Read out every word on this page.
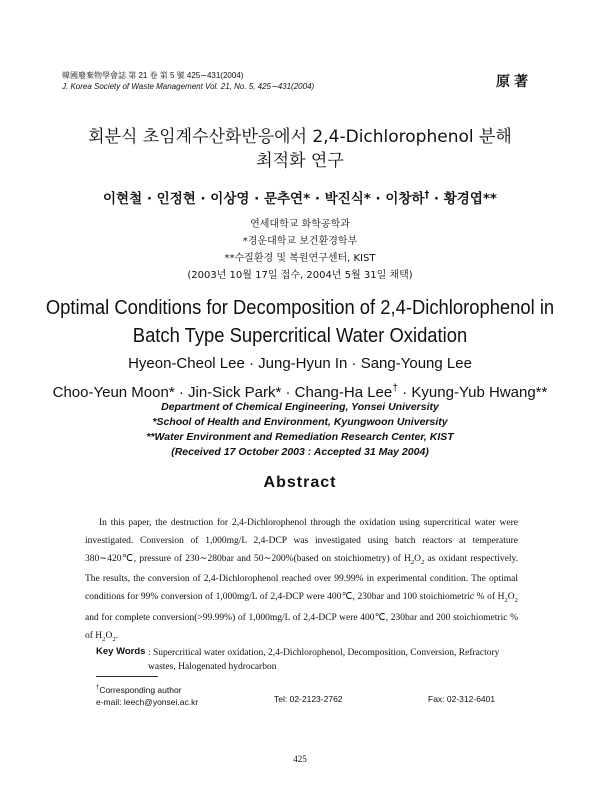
韓國廢棄物學會誌 第 21 卷 第 5 號 425∼431(2004)
J. Korea Society of Waste Management Vol. 21, No. 5, 425∼431(2004)	原著
회분식 초임계수산화반응에서 2,4-Dichlorophenol 분해
최적화 연구
이현철 · 인정현 · 이상영 · 문추연* · 박진식* · 이창하† · 황경엽**
연세대학교 화학공학과
*경운대학교 보건환경학부
**수질환경 및 복원연구센터, KIST
(2003년 10월 17일 접수, 2004년 5월 31일 채택)
Optimal Conditions for Decomposition of 2,4-Dichlorophenol in
Batch Type Supercritical Water Oxidation
Hyeon-Cheol Lee · Jung-Hyun In · Sang-Young Lee
Choo-Yeun Moon* · Jin-Sick Park* · Chang-Ha Lee† · Kyung-Yub Hwang**
Department of Chemical Engineering, Yonsei University
*School of Health and Environment, Kyungwoon University
**Water Environment and Remediation Research Center, KIST
(Received 17 October 2003 : Accepted 31 May 2004)
Abstract
In this paper, the destruction for 2,4-Dichlorophenol through the oxidation using supercritical water were investigated. Conversion of 1,000mg/L 2,4-DCP was investigated using batch reactors at temperature 380∼420℃, pressure of 230∼280bar and 50∼200%(based on stoichiometry) of $H_2O_2$ as oxidant respectively. The results, the conversion of 2,4-Dichlorophenol reached over 99.99% in experimental condition. The optimal conditions for 99% conversion of 1,000mg/L of 2,4-DCP were 400℃, 230bar and 100 stoichiometric % of $H_2O_2$ and for complete conversion(>99.99%) of 1,000mg/L of 2,4-DCP were 400℃, 230bar and 200 stoichiometric % of $H_2O_2$.
Key Words : Supercritical water oxidation, 2,4-Dichlorophenol, Decomposition, Conversion, Refractory wastes, Halogenated hydrocarbon
†Corresponding author
e-mail: leech@yonsei.ac.kr	Tel: 02-2123-2762	Fax: 02-312-6401
425
